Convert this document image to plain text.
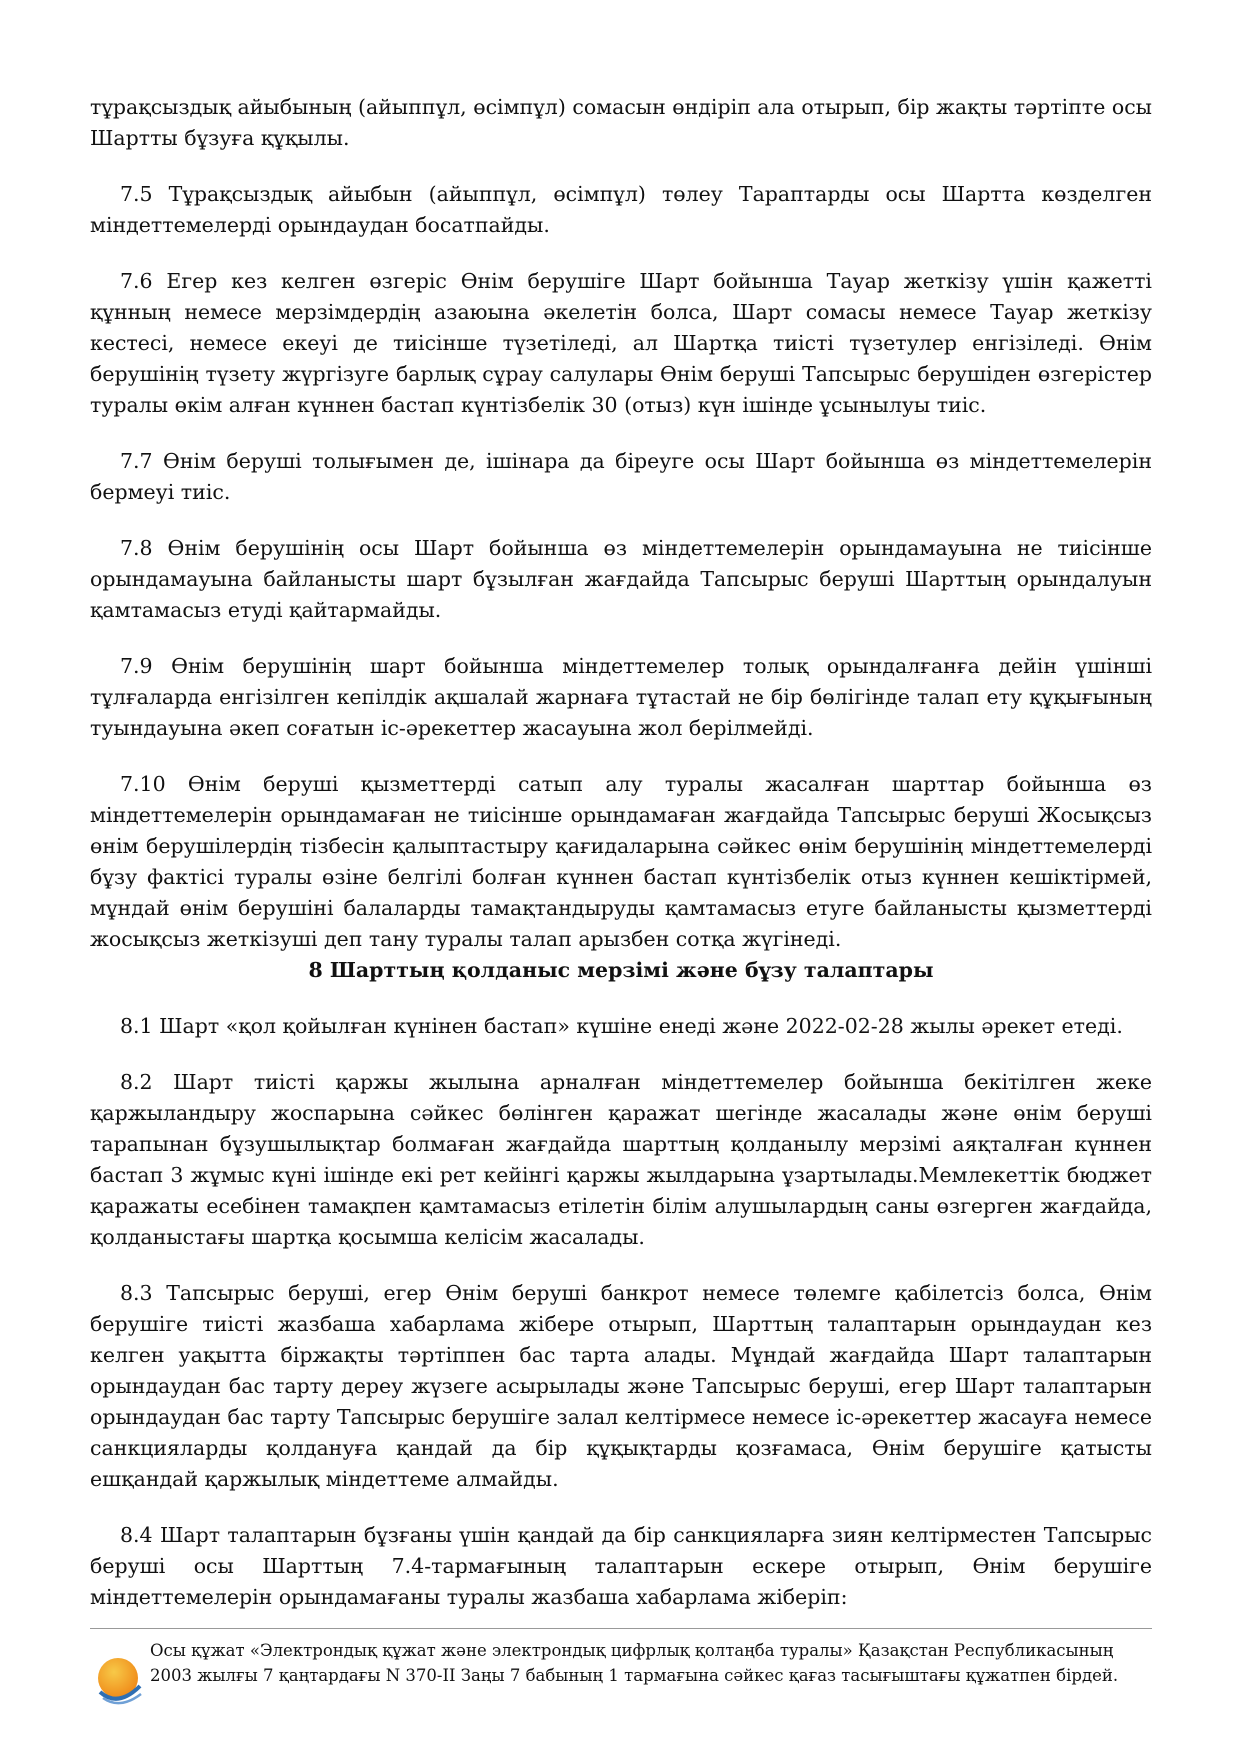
тұрақсыздық айыбының (айыппұл, өсімпұл) сомасын өндіріп ала отырып, бір жақты тәртіпте осы Шартты бұзуға құқылы.

7.5 Тұрақсыздық айыбын (айыппұл, өсімпұл) төлеу Тараптарды осы Шартта көзделген міндеттемелерді орындаудан босатпайды.

7.6 Егер кез келген өзгеріс Өнім берушіге Шарт бойынша Тауар жеткізу үшін қажетті құнның немесе мерзімдердің азаюына әкелетін болса, Шарт сомасы немесе Тауар жеткізу кестесі, немесе екеуі де тиісінше түзетіледі, ал Шартқа тиісті түзетулер енгізіледі. Өнім берушінің түзету жүргізуге барлық сұрау салулары Өнім беруші Тапсырыс берушіден өзгерістер туралы өкім алған күннен бастап күнтізбелік 30 (отыз) күн ішінде ұсынылуы тиіс.

7.7 Өнім беруші толығымен де, ішінара да біреуге осы Шарт бойынша өз міндеттемелерін бермеуі тиіс.

7.8 Өнім берушінің осы Шарт бойынша өз міндеттемелерін орындамауына не тиісінше орындамауына байланысты шарт бұзылған жағдайда Тапсырыс беруші Шарттың орындалуын қамтамасыз етуді қайтармайды.

7.9 Өнім берушінің шарт бойынша міндеттемелер толық орындалғанға дейін үшінші тұлғаларда енгізілген кепілдік ақшалай жарнаға тұтастай не бір бөлігінде талап ету құқығының туындауына әкеп соғатын іс-әрекеттер жасауына жол берілмейді.

7.10 Өнім беруші қызметтерді сатып алу туралы жасалған шарттар бойынша өз міндеттемелерін орындамаған не тиісінше орындамаған жағдайда Тапсырыс беруші Жосықсыз өнім берушілердің тізбесін қалыптастыру қағидаларына сәйкес өнім берушінің міндеттемелерді бұзу фактісі туралы өзіне белгілі болған күннен бастап күнтізбелік отыз күннен кешіктірмей, мұндай өнім берушіні балаларды тамақтандыруды қамтамасыз етуге байланысты қызметтерді жосықсыз жеткізуші деп тану туралы талап арызбен сотқа жүгінеді.

8 Шарттың қолданыс мерзімі және бұзу талаптары

8.1 Шарт «қол қойылған күнінен бастап» күшіне енеді және 2022-02-28 жылы әрекет етеді.

8.2 Шарт тиісті қаржы жылына арналған міндеттемелер бойынша бекітілген жеке қаржыландыру жоспарына сәйкес бөлінген қаражат шегінде жасалады және өнім беруші тарапынан бұзушылықтар болмаған жағдайда шарттың қолданылу мерзімі аяқталған күннен бастап 3 жұмыс күні ішінде екі рет кейінгі қаржы жылдарына ұзартылады.Мемлекеттік бюджет қаражаты есебінен тамақпен қамтамасыз етілетін білім алушылардың саны өзгерген жағдайда, қолданыстағы шартқа қосымша келісім жасалады.

8.3 Тапсырыс беруші, егер Өнім беруші банкрот немесе төлемге қабілетсіз болса, Өнім берушіге тиісті жазбаша хабарлама жібере отырып, Шарттың талаптарын орындаудан кез келген уақытта біржақты тәртіппен бас тарта алады. Мұндай жағдайда Шарт талаптарын орындаудан бас тарту дереу жүзеге асырылады және Тапсырыс беруші, егер Шарт талаптарын орындаудан бас тарту Тапсырыс берушіге залал келтірмесе немесе іс-әрекеттер жасауға немесе санкцияларды қолдануға қандай да бір құқықтарды қозғамаса, Өнім берушіге қатысты ешқандай қаржылық міндеттеме алмайды.

8.4 Шарт талаптарын бұзғаны үшін қандай да бір санкцияларға зиян келтірместен Тапсырыс беруші осы Шарттың 7.4-тармағының талаптарын ескере отырып, Өнім берушіге міндеттемелерін орындамағаны туралы жазбаша хабарлама жіберіп:

Осы құжат «Электрондық құжат және электрондық цифрлық қолтаңба туралы» Қазақстан Республикасының 2003 жылғы 7 қаңтардағы N 370-II Заңы 7 бабының 1 тармағына сәйкес қағаз тасығыштағы құжатпен бірдей.
